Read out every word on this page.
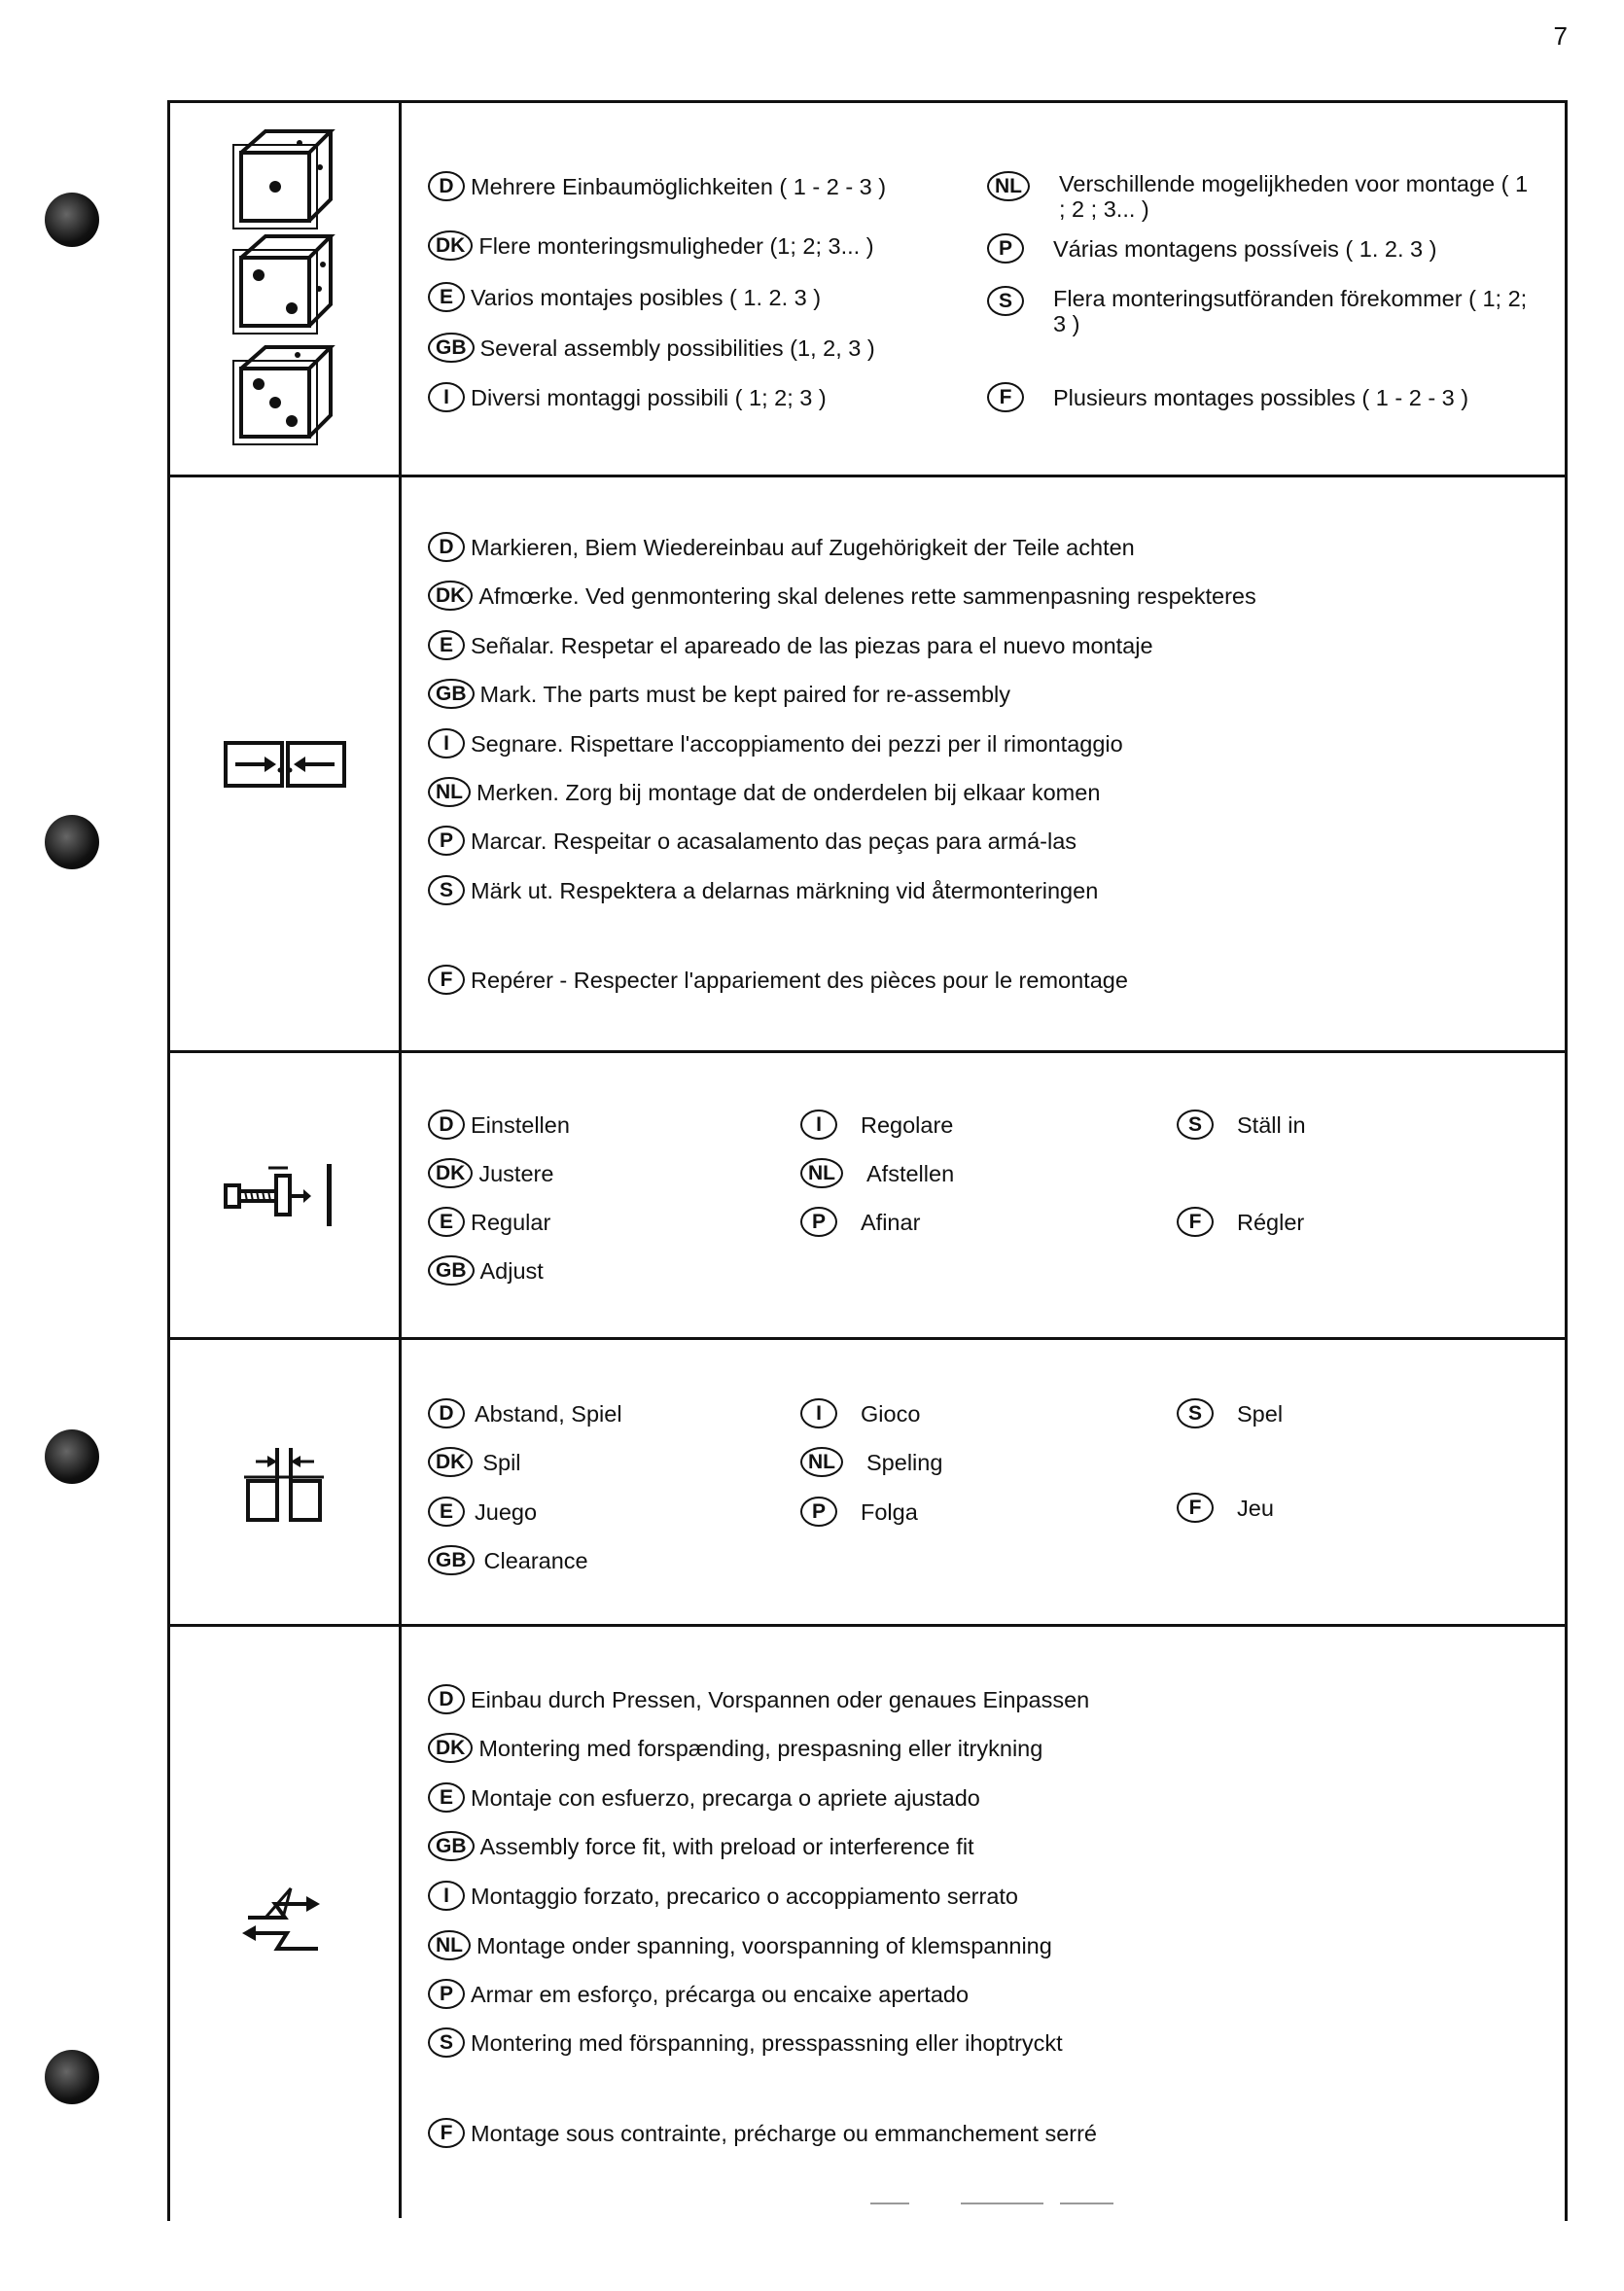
7
D Mehrere Einbaumöglichkeiten ( 1 - 2 - 3 )
DK Flere monteringsmuligheder (1; 2; 3... )
E Varios montajes posibles ( 1. 2. 3 )
GB Several assembly possibilities (1, 2, 3 )
I Diversi montaggi possibili ( 1; 2; 3 )
NL	Verschillende mogelijkheden voor montage ( 1 ; 2 ; 3... )
P	Várias montagens possíveis ( 1. 2. 3 )
S	Flera monteringsutföranden förekommer ( 1; 2; 3 )
F	Plusieurs montages possibles ( 1 - 2 - 3 )
D Markieren, Biem Wiedereinbau auf Zugehörigkeit der Teile achten
DK Afmœrke. Ved genmontering skal delenes rette sammenpasning respekteres
E Señalar. Respetar el apareado de las piezas para el nuevo montaje
GB Mark. The parts must be kept paired for re-assembly
I Segnare. Rispettare l'accoppiamento dei pezzi per il rimontaggio
NL Merken. Zorg bij montage dat de onderdelen bij elkaar komen
P Marcar. Respeitar o acasalamento das peças para armá-las
S Märk ut. Respektera a delarnas märkning vid återmonteringen
F Repérer - Respecter l'appariement des pièces pour le remontage
D Einstellen
DK Justere
E Regular
GB Adjust
I	Regolare
NL	Afstellen
P	Afinar
S	Ställ in
F	Régler
D Abstand, Spiel
DK Spil
E Juego
GB Clearance
I	Gioco
NL	Speling
P	Folga
S	Spel
F	Jeu
D Einbau durch Pressen, Vorspannen oder genaues Einpassen
DK Montering med forspænding, prespasning eller itrykning
E Montaje con esfuerzo, precarga o apriete ajustado
GB Assembly force fit, with preload or interference fit
I Montaggio forzato, precarico o accoppiamento serrato
NL Montage onder spanning, voorspanning of klemspanning
P Armar em esforço, précarga ou encaixe apertado
S Montering med förspanning, presspassning eller ihoptryckt
F Montage sous contrainte, précharge ou emmanchement serré
